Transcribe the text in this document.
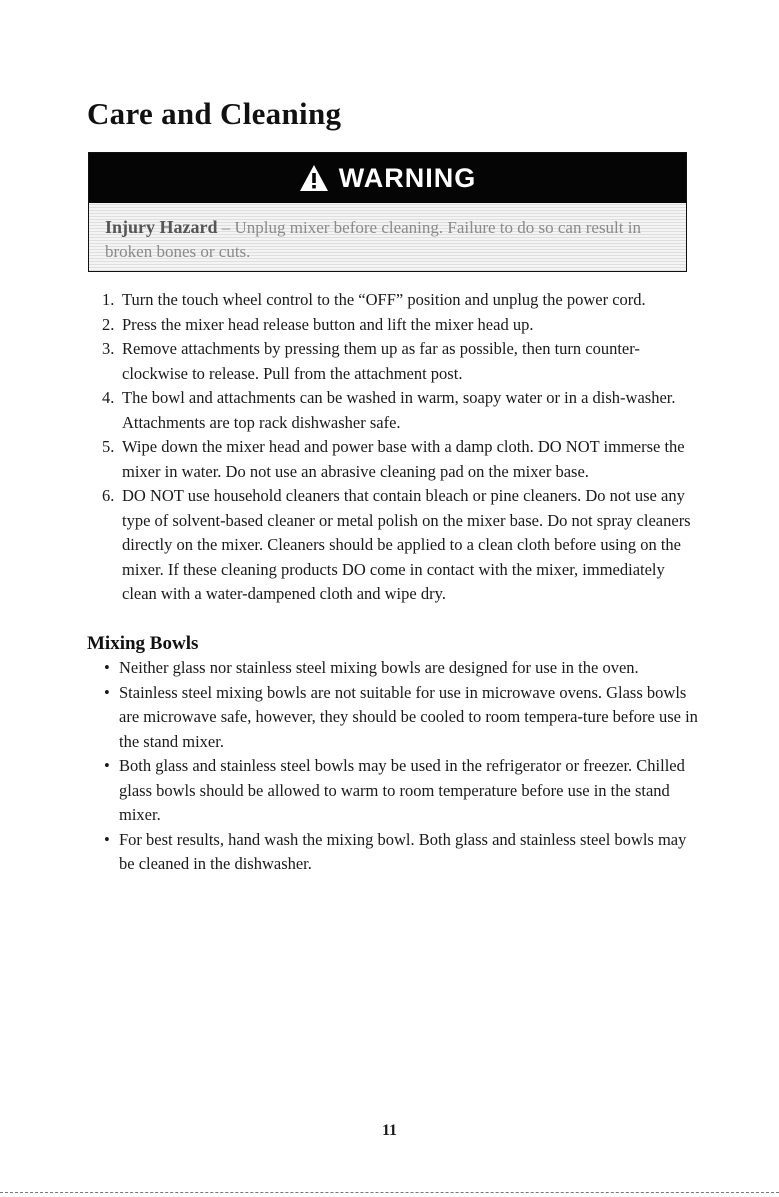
Care and Cleaning
WARNING
Injury Hazard – Unplug mixer before cleaning. Failure to do so can result in broken bones or cuts.
1. Turn the touch wheel control to the “OFF” position and unplug the power cord.
2. Press the mixer head release button and lift the mixer head up.
3. Remove attachments by pressing them up as far as possible, then turn counter-clockwise to release. Pull from the attachment post.
4. The bowl and attachments can be washed in warm, soapy water or in a dish-washer. Attachments are top rack dishwasher safe.
5. Wipe down the mixer head and power base with a damp cloth. DO NOT immerse the mixer in water. Do not use an abrasive cleaning pad on the mixer base.
6. DO NOT use household cleaners that contain bleach or pine cleaners. Do not use any type of solvent-based cleaner or metal polish on the mixer base. Do not spray cleaners directly on the mixer. Cleaners should be applied to a clean cloth before using on the mixer. If these cleaning products DO come in contact with the mixer, immediately clean with a water-dampened cloth and wipe dry.
Mixing Bowls
• Neither glass nor stainless steel mixing bowls are designed for use in the oven.
• Stainless steel mixing bowls are not suitable for use in microwave ovens. Glass bowls are microwave safe, however, they should be cooled to room tempera-ture before use in the stand mixer.
• Both glass and stainless steel bowls may be used in the refrigerator or freezer. Chilled glass bowls should be allowed to warm to room temperature before use in the stand mixer.
• For best results, hand wash the mixing bowl. Both glass and stainless steel bowls may be cleaned in the dishwasher.
11
